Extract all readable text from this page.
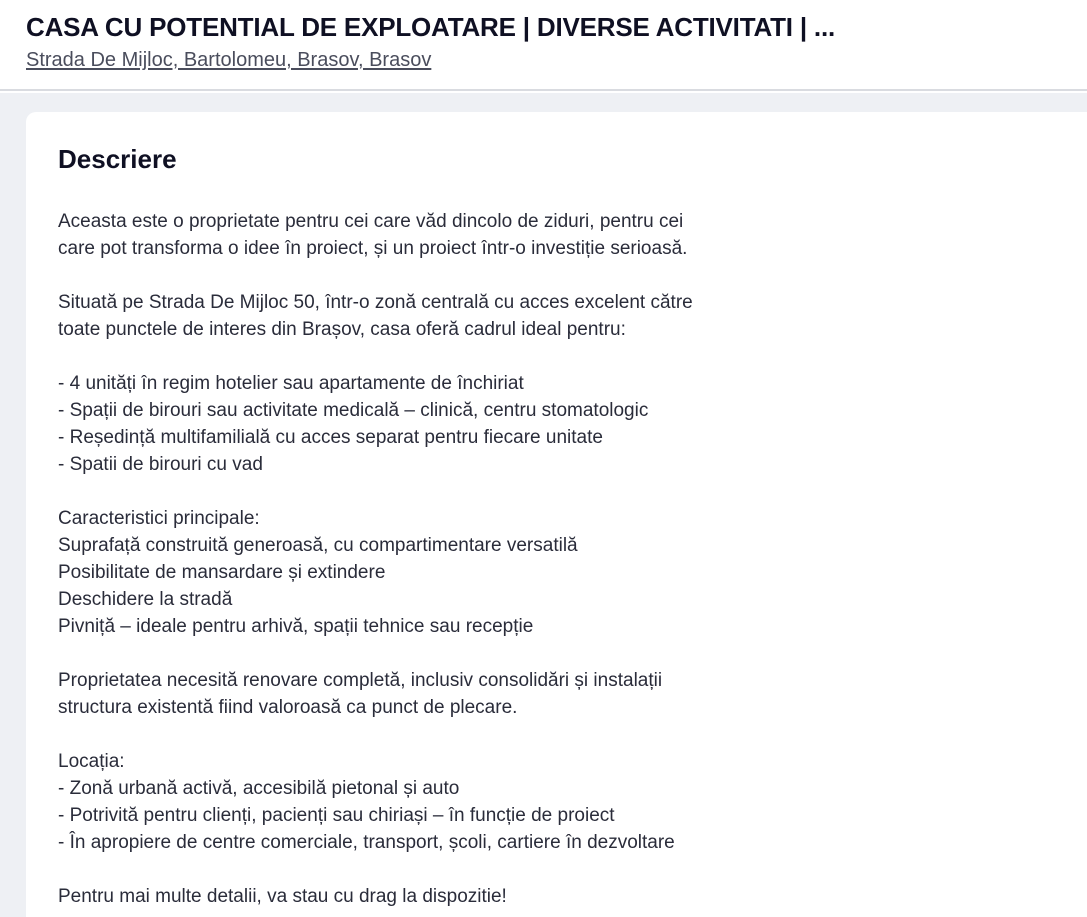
CASA CU POTENTIAL DE EXPLOATARE | DIVERSE ACTIVITATI | ...
Strada De Mijloc, Bartolomeu, Brasov, Brasov
Descriere
Aceasta este o proprietate pentru cei care văd dincolo de ziduri, pentru cei
care pot transforma o idee în proiect, și un proiect într-o investiție serioasă.
Situată pe Strada De Mijloc 50, într-o zonă centrală cu acces excelent către
toate punctele de interes din Brașov, casa oferă cadrul ideal pentru:
- 4 unități în regim hotelier sau apartamente de închiriat
- Spații de birouri sau activitate medicală – clinică, centru stomatologic
- Reședință multifamilială cu acces separat pentru fiecare unitate
- Spatii de birouri cu vad
Caracteristici principale:
Suprafață construită generoasă, cu compartimentare versatilă
Posibilitate de mansardare și extindere
Deschidere la stradă
Pivniță – ideale pentru arhivă, spații tehnice sau recepție
Proprietatea necesită renovare completă, inclusiv consolidări și instalații
structura existentă fiind valoroasă ca punct de plecare.
Locația:
- Zonă urbană activă, accesibilă pietonal și auto
- Potrivită pentru clienți, pacienți sau chiriași – în funcție de proiect
- În apropiere de centre comerciale, transport, școli, cartiere în dezvoltare
Pentru mai multe detalii, va stau cu drag la dispozitie!
